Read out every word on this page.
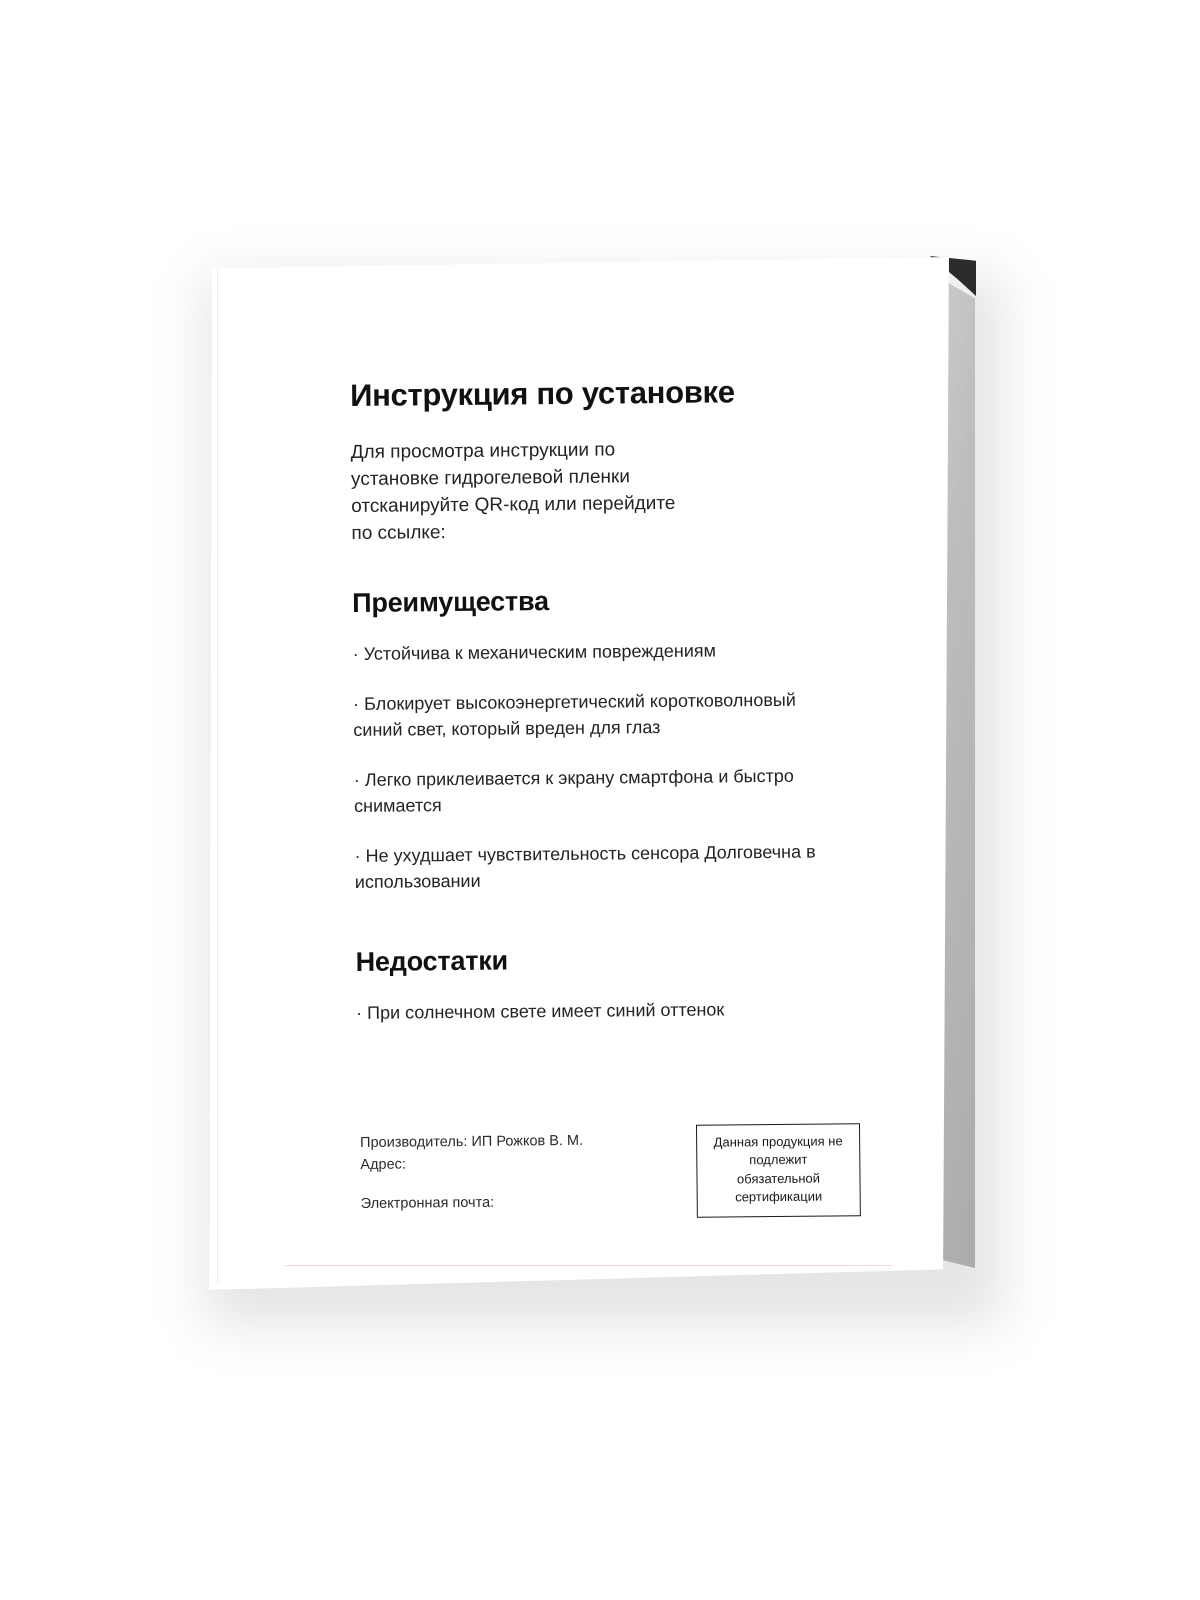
Инструкция по установке

Для просмотра инструкции по установке гидрогелевой пленки отсканируйте QR-код или перейдите по ссылке:

Преимущества
· Устойчива к механическим повреждениям
· Блокирует высокоэнергетический коротковолновый синий свет, который вреден для глаз
· Легко приклеивается к экрану смартфона и быстро снимается
· Не ухудшает чувствительность сенсора Долговечна в использовании
Недостатки
· При солнечном свете имеет синий оттенок
Производитель: ИП Рожков В. М.
Адрес:
Электронная почта:
Данная продукция не подлежит обязательной сертификации
